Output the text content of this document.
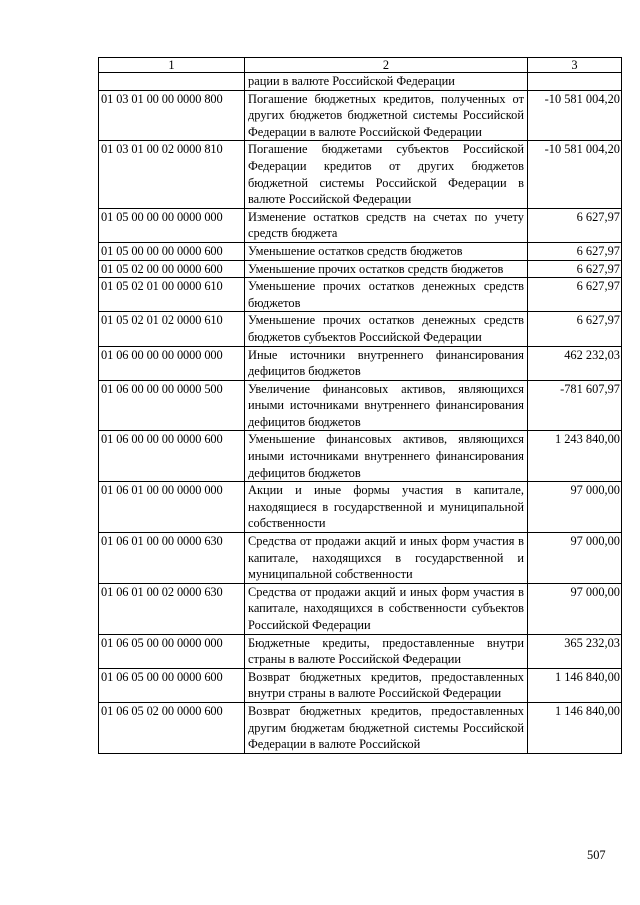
1	2	3
	рации в валюте Российской Федерации	
01 03 01 00 00 0000 800	Погашение бюджетных кредитов, полученных от других бюджетов бюджетной системы Российской Федерации в валюте Российской Федерации	-10 581 004,20
01 03 01 00 02 0000 810	Погашение бюджетами субъектов Российской Федерации кредитов от других бюджетов бюджетной системы Российской Федерации в валюте Российской Федерации	-10 581 004,20
01 05 00 00 00 0000 000	Изменение остатков средств на счетах по учету средств бюджета	6 627,97
01 05 00 00 00 0000 600	Уменьшение остатков средств бюджетов	6 627,97
01 05 02 00 00 0000 600	Уменьшение прочих остатков средств бюджетов	6 627,97
01 05 02 01 00 0000 610	Уменьшение прочих остатков денежных средств бюджетов	6 627,97
01 05 02 01 02 0000 610	Уменьшение прочих остатков денежных средств бюджетов субъектов Российской Федерации	6 627,97
01 06 00 00 00 0000 000	Иные источники внутреннего финансирования дефицитов бюджетов	462 232,03
01 06 00 00 00 0000 500	Увеличение финансовых активов, являющихся иными источниками внутреннего финансирования дефицитов бюджетов	-781 607,97
01 06 00 00 00 0000 600	Уменьшение финансовых активов, являющихся иными источниками внутреннего финансирования дефицитов бюджетов	1 243 840,00
01 06 01 00 00 0000 000	Акции и иные формы участия в капитале, находящиеся в государственной и муниципальной собственности	97 000,00
01 06 01 00 00 0000 630	Средства от продажи акций и иных форм участия в капитале, находящихся в государственной и муниципальной собственности	97 000,00
01 06 01 00 02 0000 630	Средства от продажи акций и иных форм участия в капитале, находящихся в собственности субъектов Российской Федерации	97 000,00
01 06 05 00 00 0000 000	Бюджетные кредиты, предоставленные внутри страны в валюте Российской Федерации	365 232,03
01 06 05 00 00 0000 600	Возврат бюджетных кредитов, предоставленных внутри страны в валюте Российской Федерации	1 146 840,00
01 06 05 02 00 0000 600	Возврат бюджетных кредитов, предоставленных другим бюджетам бюджетной системы Российской Федерации в валюте Российской	1 146 840,00
507
